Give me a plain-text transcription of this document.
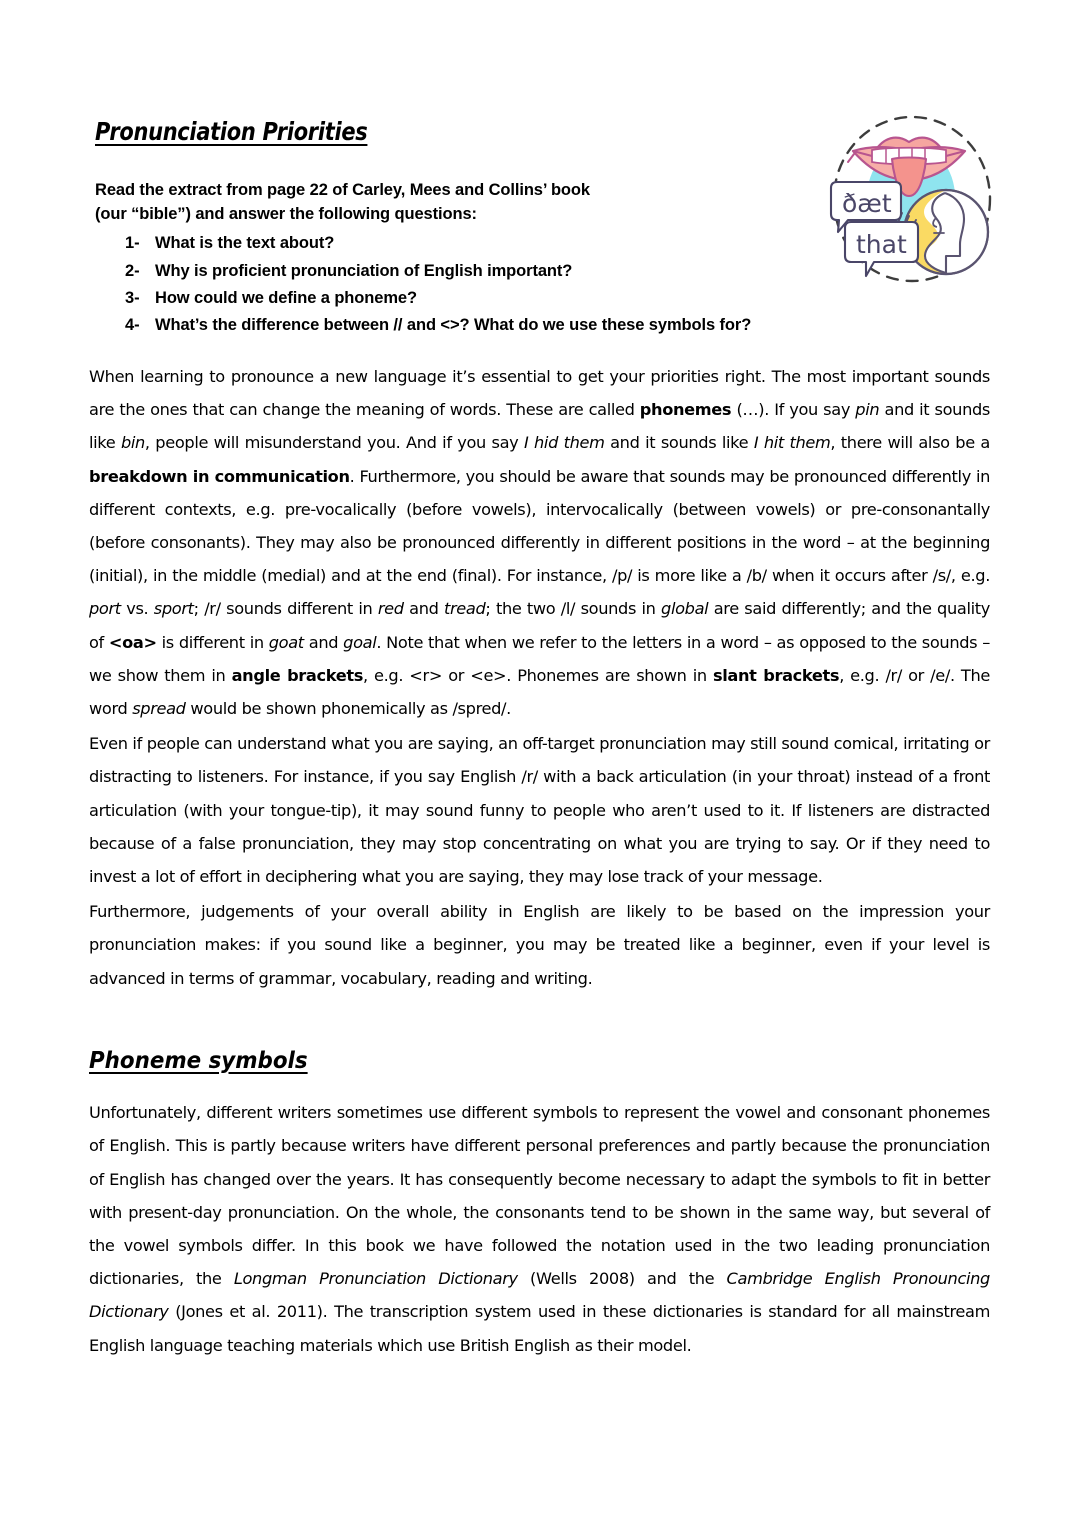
Pronunciation Priorities
Read the extract from page 22 of Carley, Mees and Collins’ book
(our “bible”) and answer the following questions:
1- What is the text about?
2- Why is proficient pronunciation of English important?
3- How could we define a phoneme?
4- What’s the difference between // and <>? What do we use these symbols for?
ðæt
that

When learning to pronounce a new language it’s essential to get your priorities right. The most important sounds are the ones that can change the meaning of words. These are called phonemes (…). If you say pin and it sounds like bin, people will misunderstand you. And if you say I hid them and it sounds like I hit them, there will also be a breakdown in communication. Furthermore, you should be aware that sounds may be pronounced differently in different contexts, e.g. pre-vocalically (before vowels), intervocalically (between vowels) or pre-consonantally (before consonants). They may also be pronounced differently in different positions in the word – at the beginning (initial), in the middle (medial) and at the end (final). For instance, /p/ is more like a /b/ when it occurs after /s/, e.g. port vs. sport; /r/ sounds different in red and tread; the two /l/ sounds in global are said differently; and the quality of <oa> is different in goat and goal. Note that when we refer to the letters in a word – as opposed to the sounds – we show them in angle brackets, e.g. <r> or <e>. Phonemes are shown in slant brackets, e.g. /r/ or /e/. The word spread would be shown phonemically as /spred/.

Even if people can understand what you are saying, an off-target pronunciation may still sound comical, irritating or distracting to listeners. For instance, if you say English /r/ with a back articulation (in your throat) instead of a front articulation (with your tongue-tip), it may sound funny to people who aren’t used to it. If listeners are distracted because of a false pronunciation, they may stop concentrating on what you are trying to say. Or if they need to invest a lot of effort in deciphering what you are saying, they may lose track of your message.

Furthermore, judgements of your overall ability in English are likely to be based on the impression your pronunciation makes: if you sound like a beginner, you may be treated like a beginner, even if your level is advanced in terms of grammar, vocabulary, reading and writing.

Phoneme symbols

Unfortunately, different writers sometimes use different symbols to represent the vowel and consonant phonemes of English. This is partly because writers have different personal preferences and partly because the pronunciation of English has changed over the years. It has consequently become necessary to adapt the symbols to fit in better with present-day pronunciation. On the whole, the consonants tend to be shown in the same way, but several of the vowel symbols differ. In this book we have followed the notation used in the two leading pronunciation dictionaries, the Longman Pronunciation Dictionary (Wells 2008) and the Cambridge English Pronouncing Dictionary (Jones et al. 2011). The transcription system used in these dictionaries is standard for all mainstream English language teaching materials which use British English as their model.
